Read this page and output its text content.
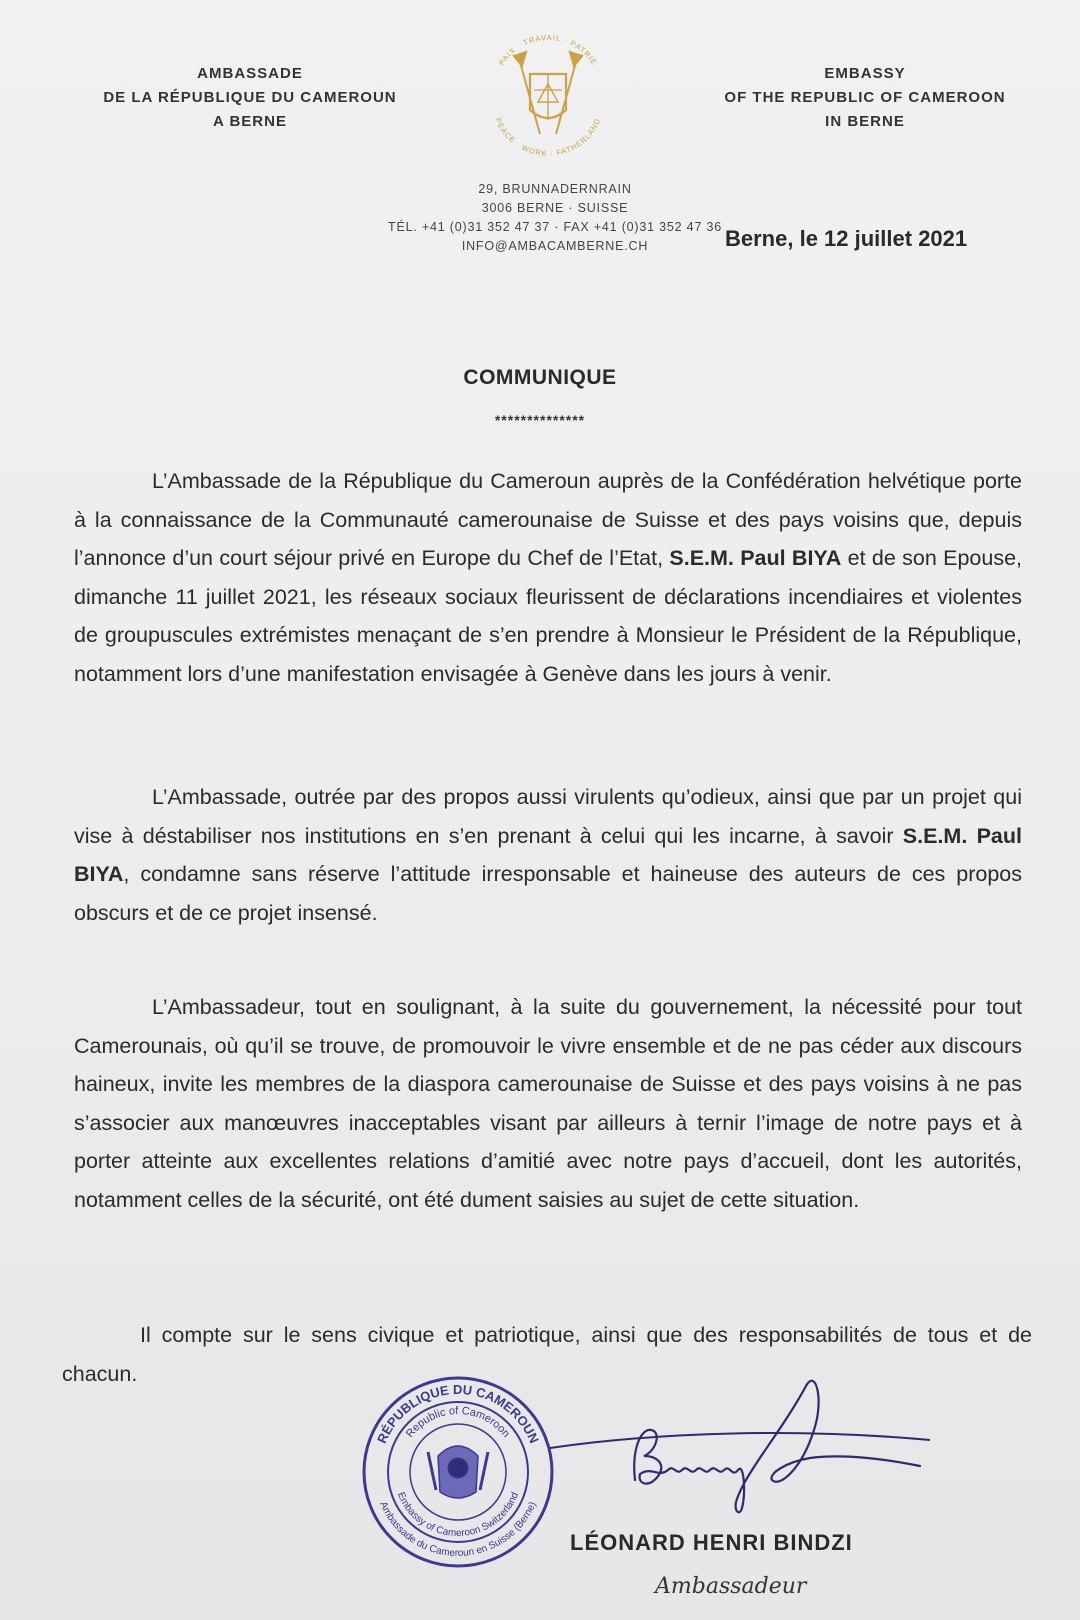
AMBASSADE
DE LA RÉPUBLIQUE DU CAMEROUN
A BERNE
PAIX · TRAVAIL · PATRIE
PEACE · WORK · FATHERLAND
EMBASSY
OF THE REPUBLIC OF CAMEROON
IN BERNE
29, BRUNNADERNRAIN
3006 BERNE · SUISSE
TÉL. +41 (0)31 352 47 37 · FAX +41 (0)31 352 47 36
INFO@AMBACAMBERNE.CH	Berne, le 12 juillet 2021
COMMUNIQUE
**************

L’Ambassade de la République du Cameroun auprès de la Confédération helvétique porte à la connaissance de la Communauté camerounaise de Suisse et des pays voisins que, depuis l’annonce d’un court séjour privé en Europe du Chef de l’Etat, S.E.M. Paul BIYA et de son Epouse, dimanche 11 juillet 2021, les réseaux sociaux fleurissent de déclarations incendiaires et violentes de groupuscules extrémistes menaçant de s’en prendre à Monsieur le Président de la République, notamment lors d’une manifestation envisagée à Genève dans les jours à venir.

L’Ambassade, outrée par des propos aussi virulents qu’odieux, ainsi que par un projet qui vise à déstabiliser nos institutions en s’en prenant à celui qui les incarne, à savoir S.E.M. Paul BIYA, condamne sans réserve l’attitude irresponsable et haineuse des auteurs de ces propos obscurs et de ce projet insensé.

L’Ambassadeur, tout en soulignant, à la suite du gouvernement, la nécessité pour tout Camerounais, où qu’il se trouve, de promouvoir le vivre ensemble et de ne pas céder aux discours haineux, invite les membres de la diaspora camerounaise de Suisse et des pays voisins à ne pas s’associer aux manœuvres inacceptables visant par ailleurs à ternir l’image de notre pays et à porter atteinte aux excellentes relations d’amitié avec notre pays d’accueil, dont les autorités, notamment celles de la sécurité, ont été dument saisies au sujet de cette situation.

Il compte sur le sens civique et patriotique, ainsi que des responsabilités de tous et de chacun.

RÉPUBLIQUE DU CAMEROUN
Republic of Cameroon
Embassy of Cameroon Switzerland
Ambassade du Cameroun en Suisse (Berne)
LÉONARD HENRI BINDZI
Ambassadeur
